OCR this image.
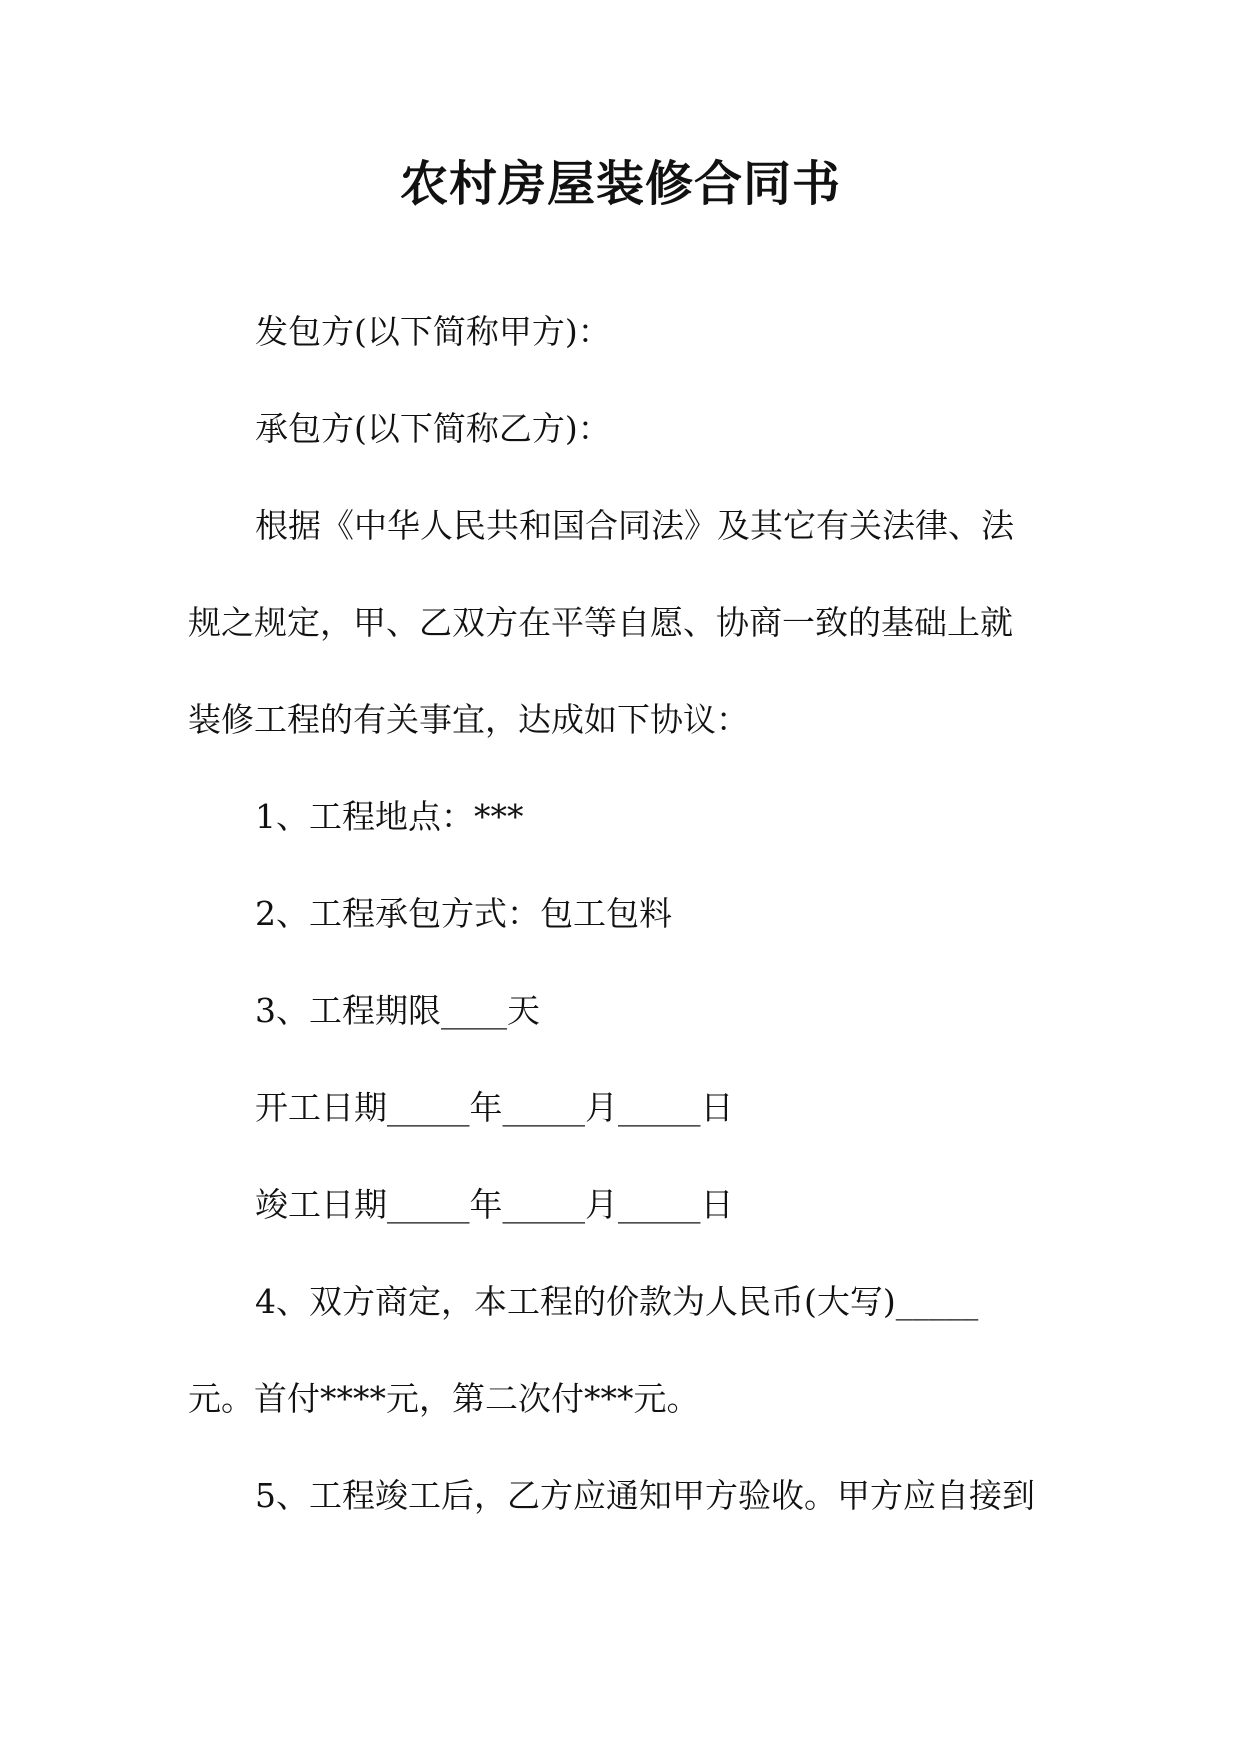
农村房屋装修合同书
发包方(以下简称甲方)：
承包方(以下简称乙方)：
根据《中华人民共和国合同法》及其它有关法律、法
规之规定，甲、乙双方在平等自愿、协商一致的基础上就
装修工程的有关事宜，达成如下协议：
1、工程地点：***
2、工程承包方式：包工包料
3、工程期限____天
开工日期_____年_____月_____日
竣工日期_____年_____月_____日
4、双方商定，本工程的价款为人民币(大写)_____
元。首付****元，第二次付***元。
5、工程竣工后，乙方应通知甲方验收。甲方应自接到
